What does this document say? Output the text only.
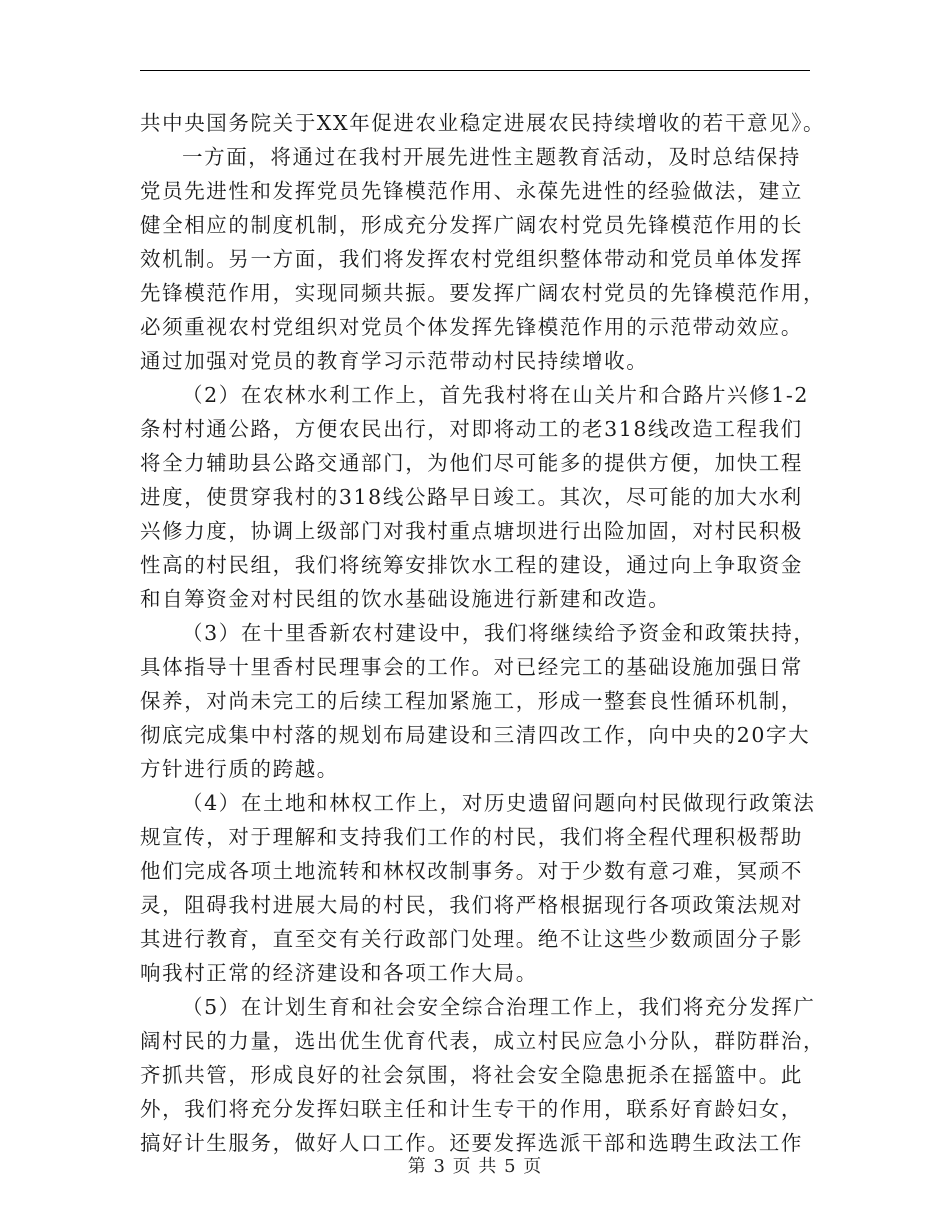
共中央国务院关于XX年促进农业稳定进展农民持续增收的若干意见》。
一方面，将通过在我村开展先进性主题教育活动，及时总结保持
党员先进性和发挥党员先锋模范作用、永葆先进性的经验做法，建立
健全相应的制度机制，形成充分发挥广阔农村党员先锋模范作用的长
效机制。另一方面，我们将发挥农村党组织整体带动和党员单体发挥
先锋模范作用，实现同频共振。要发挥广阔农村党员的先锋模范作用，
必须重视农村党组织对党员个体发挥先锋模范作用的示范带动效应。
通过加强对党员的教育学习示范带动村民持续增收。
（2）在农林水利工作上，首先我村将在山关片和合路片兴修1-2
条村村通公路，方便农民出行，对即将动工的老318线改造工程我们
将全力辅助县公路交通部门，为他们尽可能多的提供方便，加快工程
进度，使贯穿我村的318线公路早日竣工。其次，尽可能的加大水利
兴修力度，协调上级部门对我村重点塘坝进行出险加固，对村民积极
性高的村民组，我们将统筹安排饮水工程的建设，通过向上争取资金
和自筹资金对村民组的饮水基础设施进行新建和改造。
（3）在十里香新农村建设中，我们将继续给予资金和政策扶持，
具体指导十里香村民理事会的工作。对已经完工的基础设施加强日常
保养，对尚未完工的后续工程加紧施工，形成一整套良性循环机制，
彻底完成集中村落的规划布局建设和三清四改工作，向中央的20字大
方针进行质的跨越。
（4）在土地和林权工作上，对历史遗留问题向村民做现行政策法
规宣传，对于理解和支持我们工作的村民，我们将全程代理积极帮助
他们完成各项土地流转和林权改制事务。对于少数有意刁难，冥顽不
灵，阻碍我村进展大局的村民，我们将严格根据现行各项政策法规对
其进行教育，直至交有关行政部门处理。绝不让这些少数顽固分子影
响我村正常的经济建设和各项工作大局。
（5）在计划生育和社会安全综合治理工作上，我们将充分发挥广
阔村民的力量，选出优生优育代表，成立村民应急小分队，群防群治，
齐抓共管，形成良好的社会氛围，将社会安全隐患扼杀在摇篮中。此
外，我们将充分发挥妇联主任和计生专干的作用，联系好育龄妇女，
搞好计生服务，做好人口工作。还要发挥选派干部和选聘生政法工作
第 3 页 共 5 页
